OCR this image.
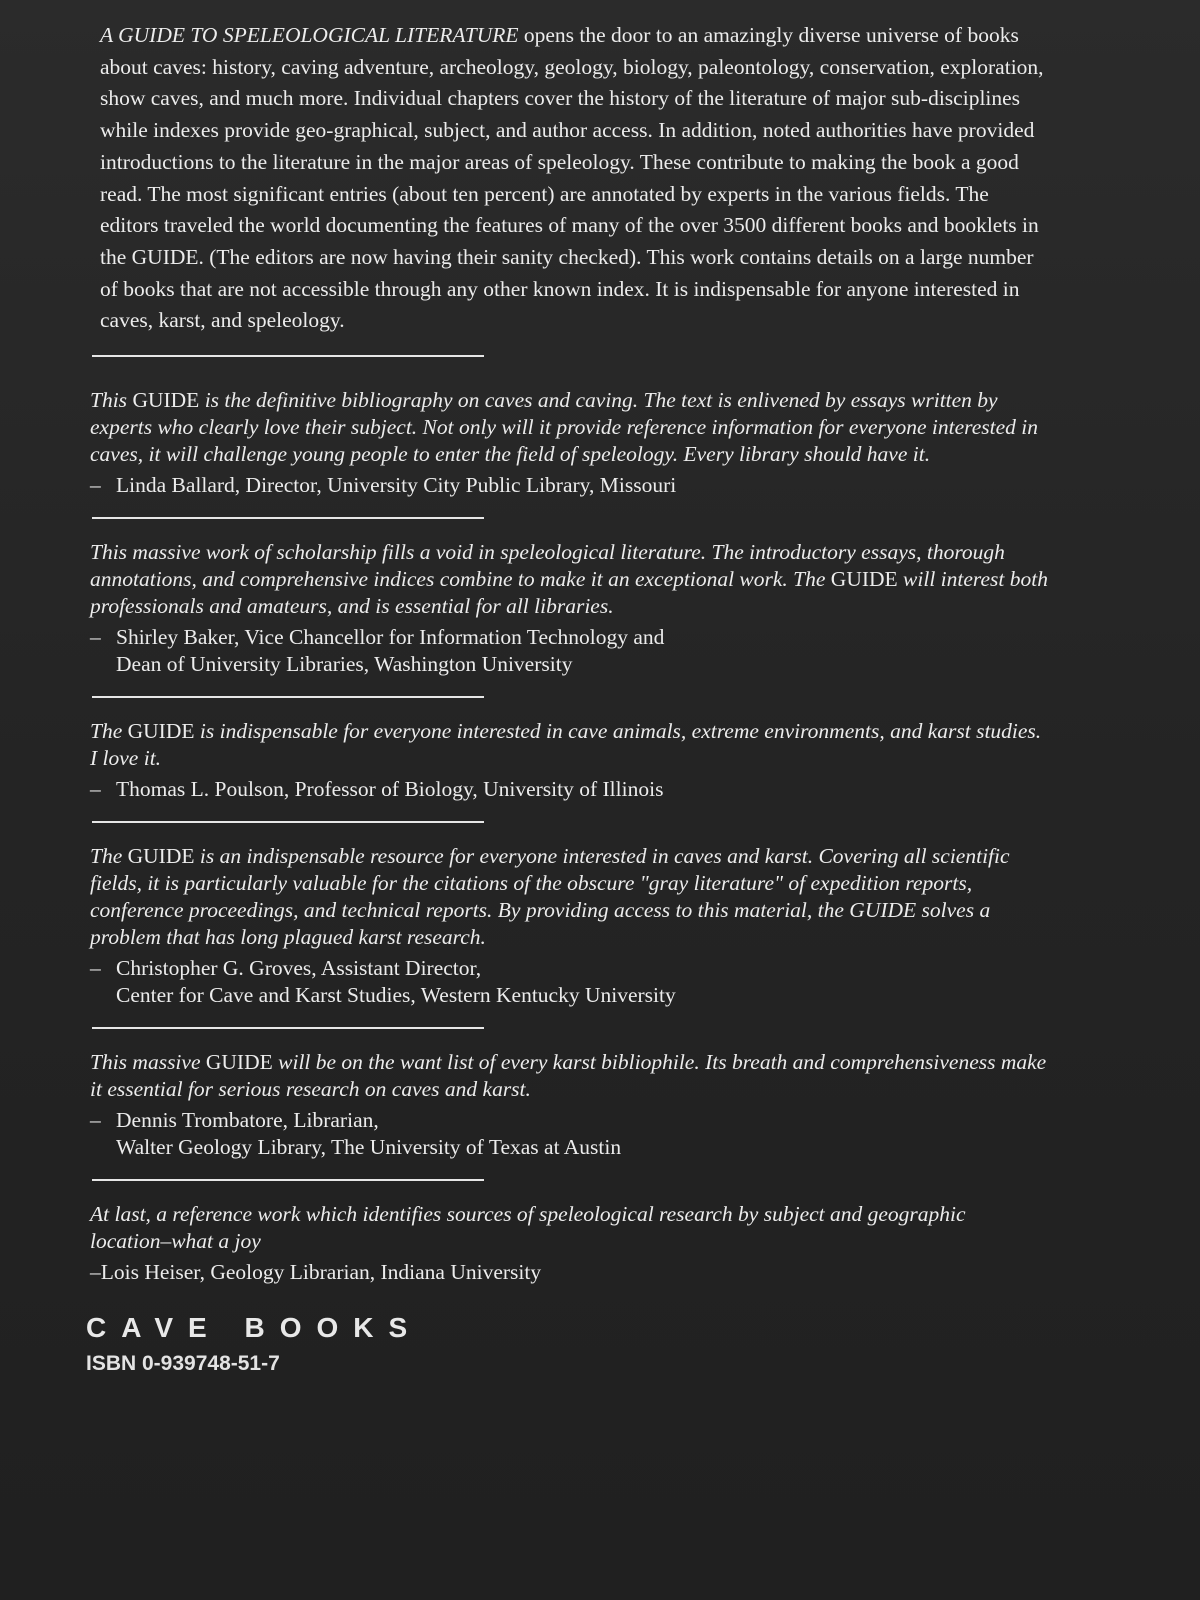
A GUIDE TO SPELEOLOGICAL LITERATURE opens the door to an amazingly diverse universe of books about caves: history, caving adventure, archeology, geology, biology, paleontology, conservation, exploration, show caves, and much more. Individual chapters cover the history of the literature of major sub-disciplines while indexes provide geo-graphical, subject, and author access. In addition, noted authorities have provided introductions to the literature in the major areas of speleology. These contribute to making the book a good read. The most significant entries (about ten percent) are annotated by experts in the various fields. The editors traveled the world documenting the features of many of the over 3500 different books and booklets in the GUIDE. (The editors are now having their sanity checked). This work contains details on a large number of books that are not accessible through any other known index. It is indispensable for anyone interested in caves, karst, and speleology.

This GUIDE is the definitive bibliography on caves and caving. The text is enlivened by essays written by experts who clearly love their subject. Not only will it provide reference information for everyone interested in caves, it will challenge young people to enter the field of speleology. Every library should have it.

– Linda Ballard, Director, University City Public Library, Missouri

This massive work of scholarship fills a void in speleological literature. The introductory essays, thorough annotations, and comprehensive indices combine to make it an exceptional work. The GUIDE will interest both professionals and amateurs, and is essential for all libraries.

– Shirley Baker, Vice Chancellor for Information Technology and
Dean of University Libraries, Washington University

The GUIDE is indispensable for everyone interested in cave animals, extreme environments, and karst studies. I love it.

– Thomas L. Poulson, Professor of Biology, University of Illinois

The GUIDE is an indispensable resource for everyone interested in caves and karst. Covering all scientific fields, it is particularly valuable for the citations of the obscure "gray literature" of expedition reports, conference proceedings, and technical reports. By providing access to this material, the GUIDE solves a problem that has long plagued karst research.

– Christopher G. Groves, Assistant Director,
Center for Cave and Karst Studies, Western Kentucky University

This massive GUIDE will be on the want list of every karst bibliophile. Its breath and comprehensiveness make it essential for serious research on caves and karst.

– Dennis Trombatore, Librarian,
Walter Geology Library, The University of Texas at Austin

At last, a reference work which identifies sources of speleological research by subject and geographic location–what a joy

–Lois Heiser, Geology Librarian, Indiana University

CAVE BOOKS
ISBN 0-939748-51-7
